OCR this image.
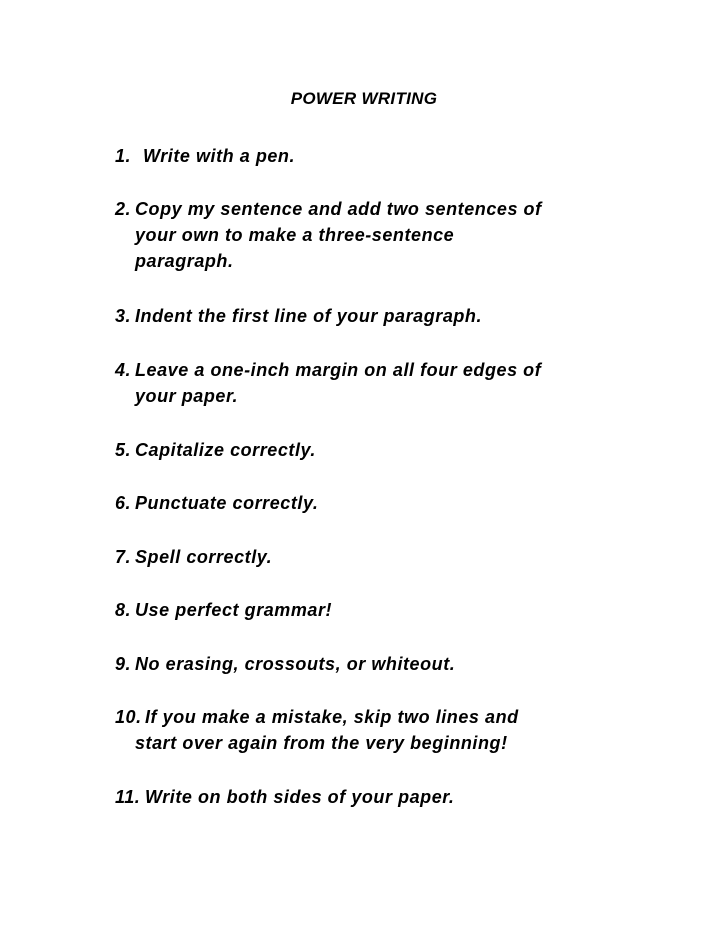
POWER WRITING
1. Write with a pen.
2. Copy my sentence and add two sentences of
your own to make a three-sentence
paragraph.
3. Indent the first line of your paragraph.
4. Leave a one-inch margin on all four edges of
your paper.
5. Capitalize correctly.
6. Punctuate correctly.
7. Spell correctly.
8. Use perfect grammar!
9. No erasing, crossouts, or whiteout.
10. If you make a mistake, skip two lines and
start over again from the very beginning!
11. Write on both sides of your paper.
